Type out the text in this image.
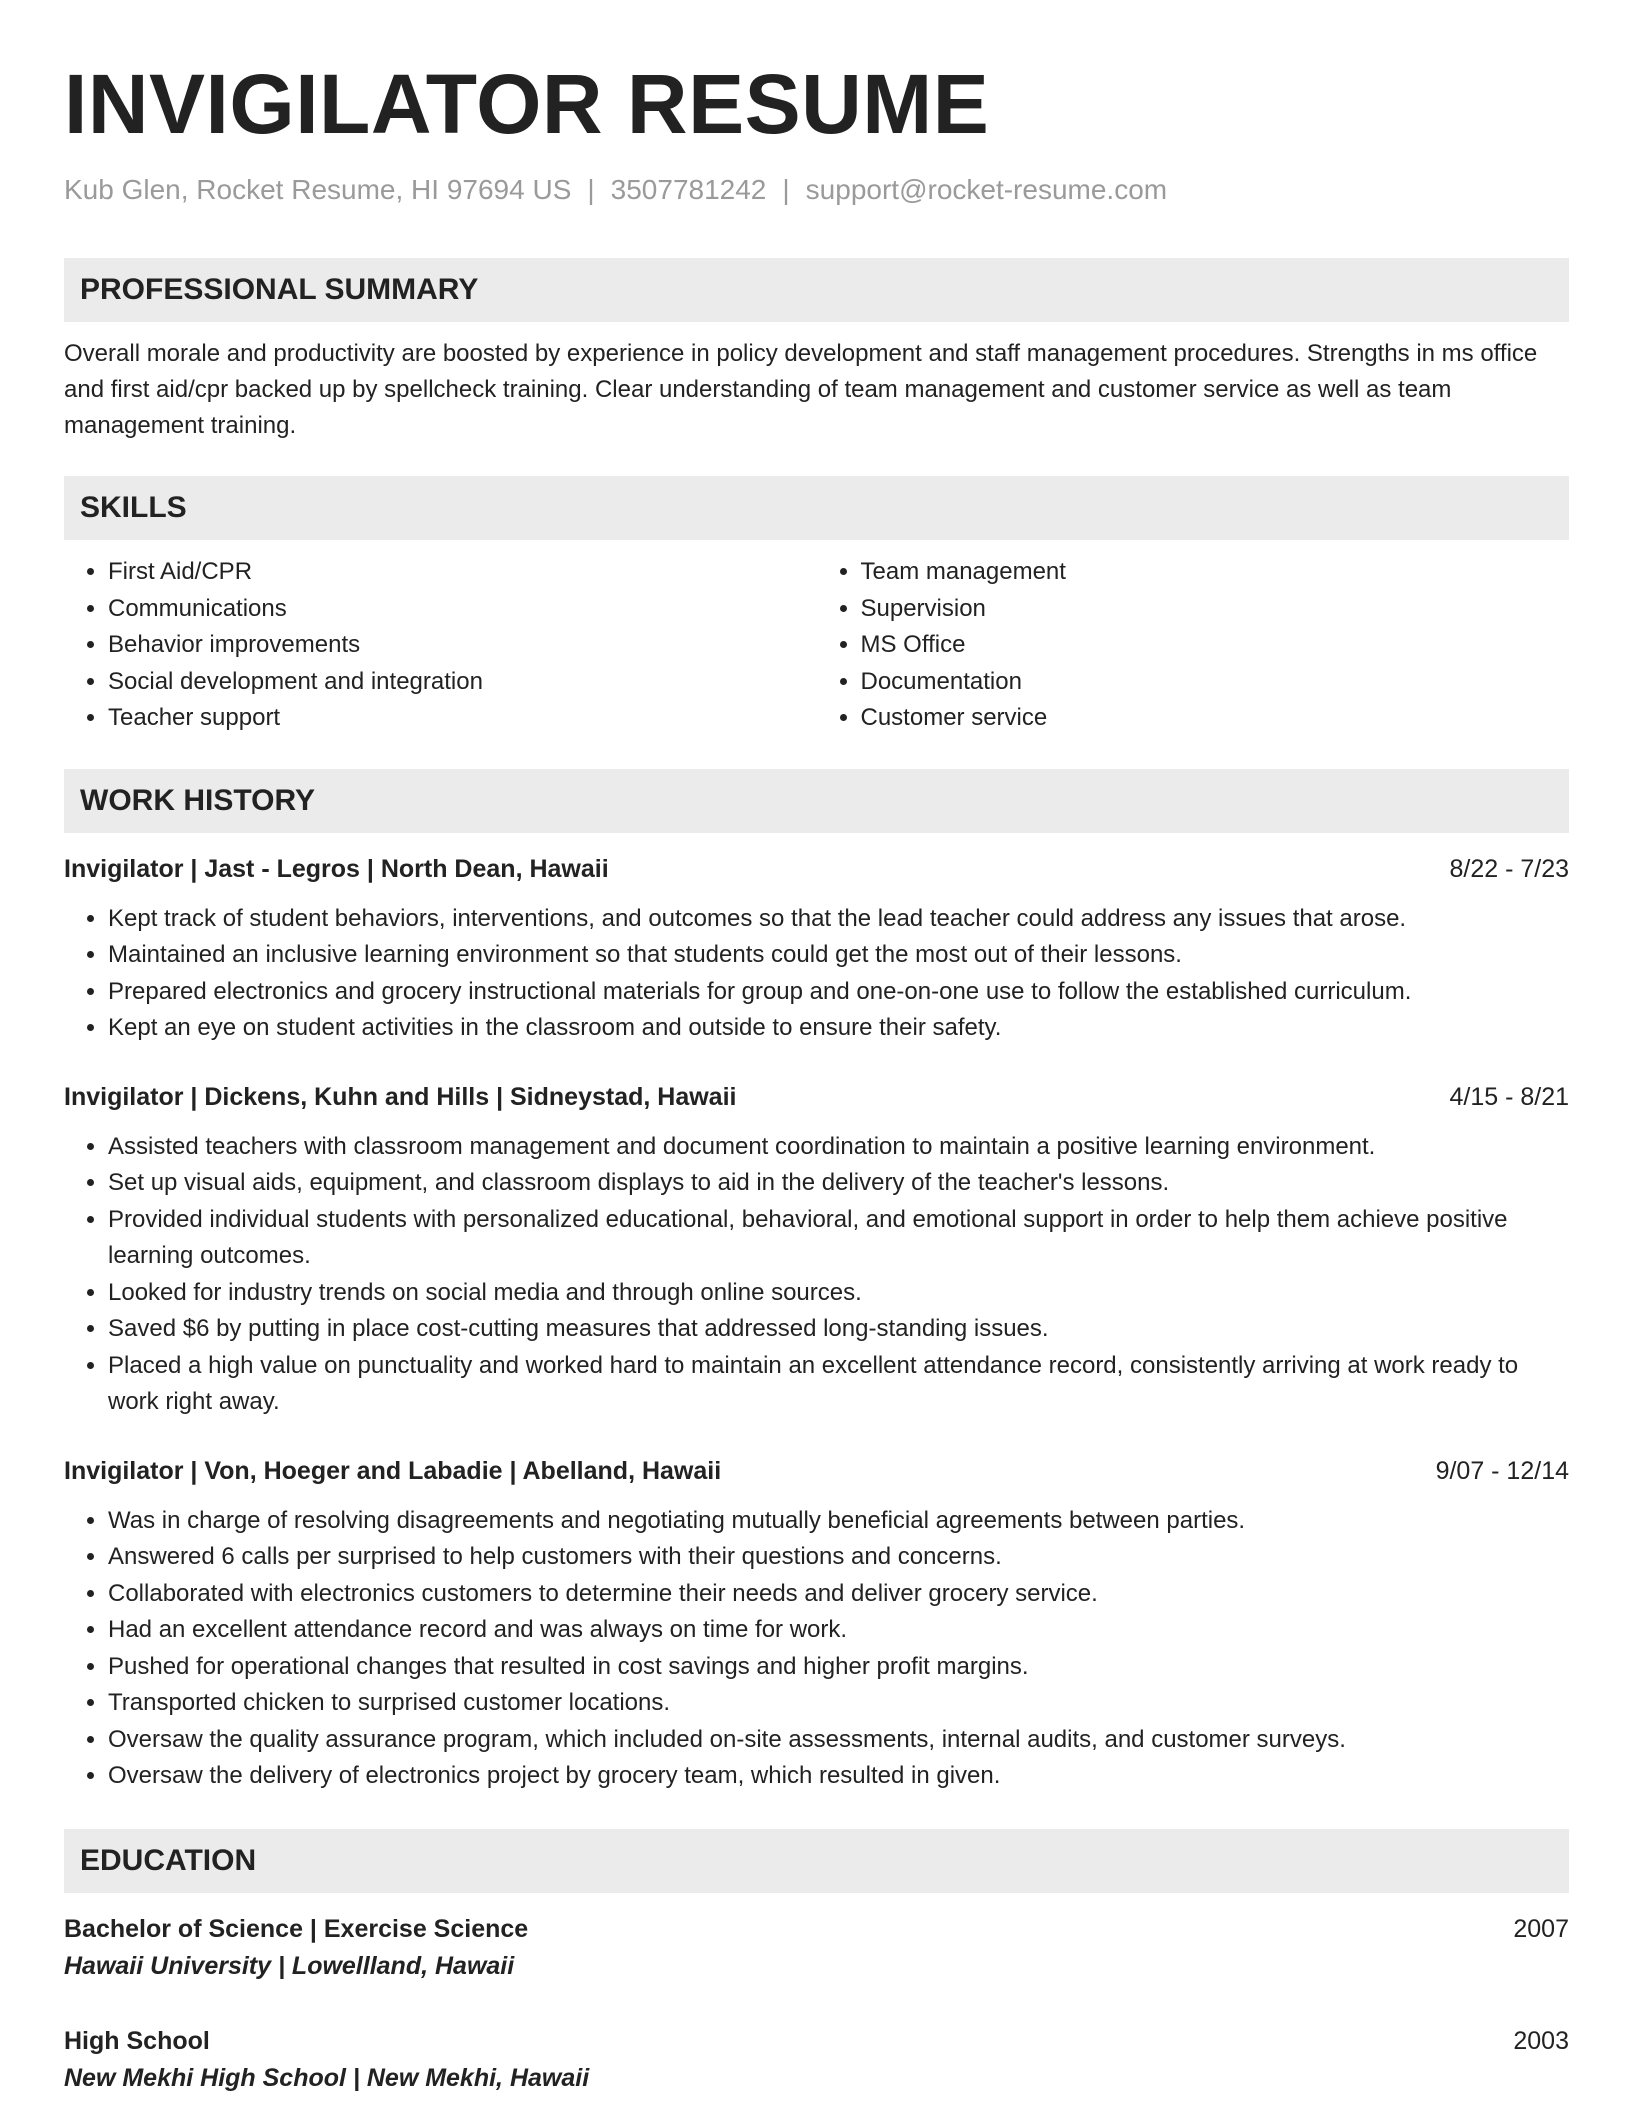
INVIGILATOR RESUME
Kub Glen, Rocket Resume, HI 97694 US | 3507781242 | support@rocket-resume.com
PROFESSIONAL SUMMARY
Overall morale and productivity are boosted by experience in policy development and staff management procedures. Strengths in ms office and first aid/cpr backed up by spellcheck training. Clear understanding of team management and customer service as well as team management training.
SKILLS
• First Aid/CPR
• Communications
• Behavior improvements
• Social development and integration
• Teacher support
• Team management
• Supervision
• MS Office
• Documentation
• Customer service
WORK HISTORY
Invigilator | Jast - Legros | North Dean, Hawaii	8/22 - 7/23
• Kept track of student behaviors, interventions, and outcomes so that the lead teacher could address any issues that arose.
• Maintained an inclusive learning environment so that students could get the most out of their lessons.
• Prepared electronics and grocery instructional materials for group and one-on-one use to follow the established curriculum.
• Kept an eye on student activities in the classroom and outside to ensure their safety.
Invigilator | Dickens, Kuhn and Hills | Sidneystad, Hawaii	4/15 - 8/21
• Assisted teachers with classroom management and document coordination to maintain a positive learning environment.
• Set up visual aids, equipment, and classroom displays to aid in the delivery of the teacher's lessons.
• Provided individual students with personalized educational, behavioral, and emotional support in order to help them achieve positive learning outcomes.
• Looked for industry trends on social media and through online sources.
• Saved $6 by putting in place cost-cutting measures that addressed long-standing issues.
• Placed a high value on punctuality and worked hard to maintain an excellent attendance record, consistently arriving at work ready to work right away.
Invigilator | Von, Hoeger and Labadie | Abelland, Hawaii	9/07 - 12/14
• Was in charge of resolving disagreements and negotiating mutually beneficial agreements between parties.
• Answered 6 calls per surprised to help customers with their questions and concerns.
• Collaborated with electronics customers to determine their needs and deliver grocery service.
• Had an excellent attendance record and was always on time for work.
• Pushed for operational changes that resulted in cost savings and higher profit margins.
• Transported chicken to surprised customer locations.
• Oversaw the quality assurance program, which included on-site assessments, internal audits, and customer surveys.
• Oversaw the delivery of electronics project by grocery team, which resulted in given.
EDUCATION
Bachelor of Science | Exercise Science	2007
Hawaii University | Lowellland, Hawaii
High School	2003
New Mekhi High School | New Mekhi, Hawaii
